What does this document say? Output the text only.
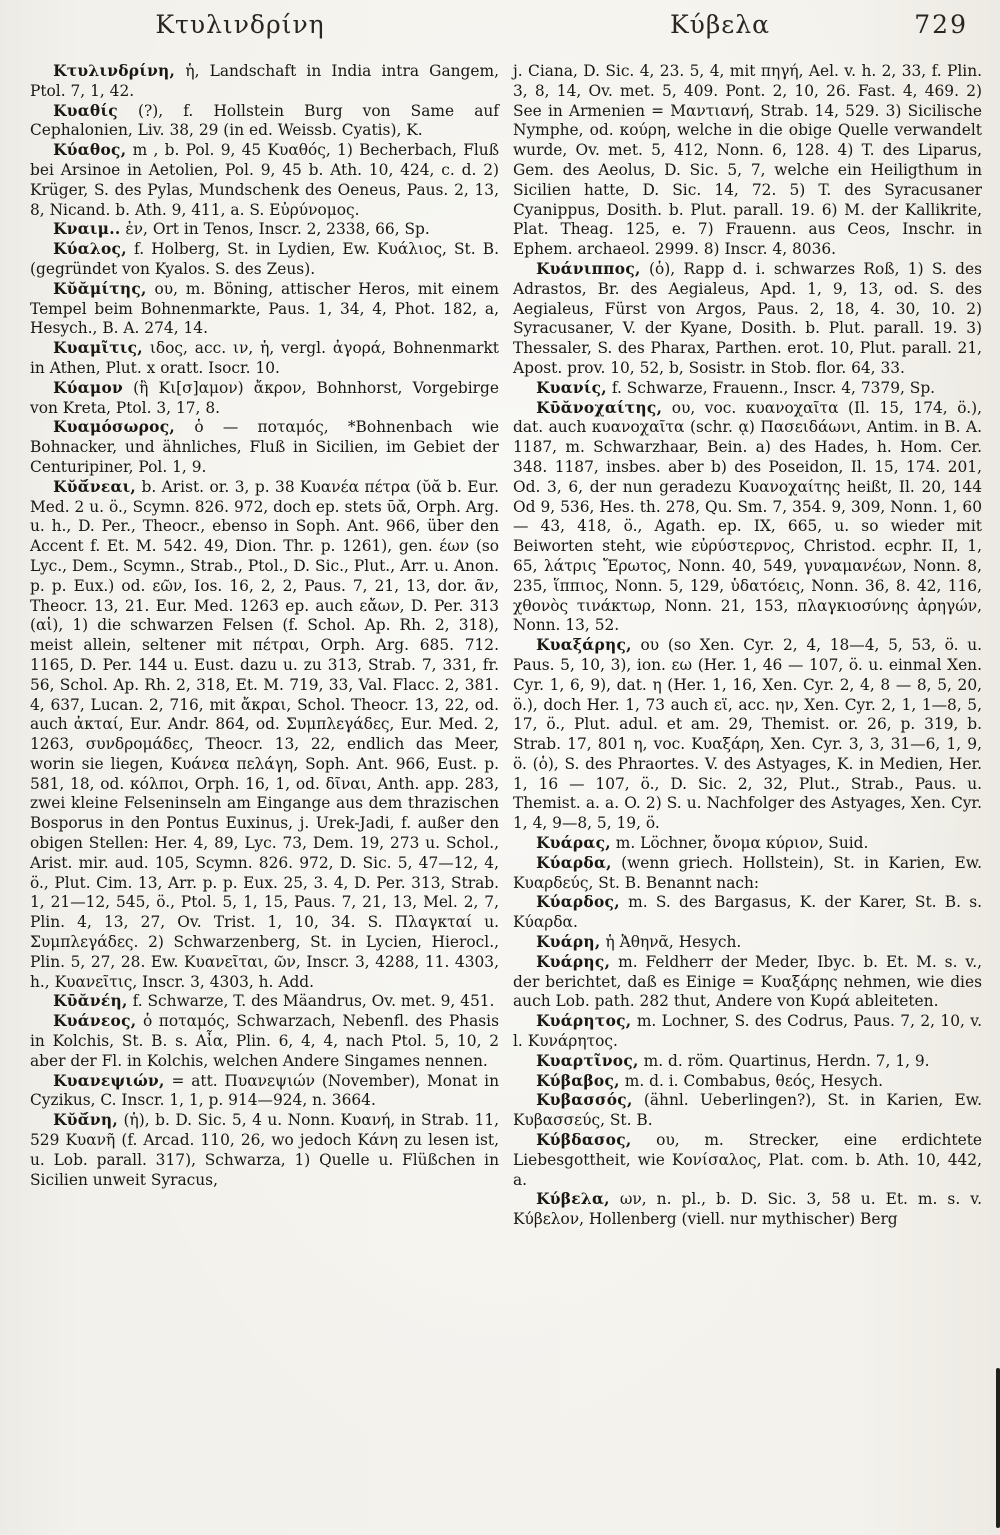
Κτυλινδρίνη	Κύβελα	729

Κτυλινδρίνη, ἡ, Landschaft in India intra Gangem, Ptol. 7, 1, 42.

Κυαθίς (?), f. Hollstein Burg von Same auf Cephalonien, Liv. 38, 29 (in ed. Weissb. Cyatis), K.

Κύαθος, m , b. Pol. 9, 45 Κυαθός, 1) Becherbach, Fluß bei Arsinoe in Aetolien, Pol. 9, 45 b. Ath. 10, 424, c. d. 2) Krüger, S. des Pylas, Mundschenk des Oeneus, Paus. 2, 13, 8, Nicand. b. Ath. 9, 411, a. S. Εὐρύνομος.

Κναιμ.. ἐν, Ort in Tenos, Inscr. 2, 2338, 66, Sp.

Κύαλος, f. Holberg, St. in Lydien, Ew. Κυάλιος, St. B. (gegründet von Kyalos. S. des Zeus).

Κῠᾰμίτης, ου, m. Böning, attischer Heros, mit einem Tempel beim Bohnenmarkte, Paus. 1, 34, 4, Phot. 182, a, Hesych., B. A. 274, 14.

Κυαμῖτις, ιδος, acc. ιν, ἡ, vergl. ἀγορά, Bohnenmarkt in Athen, Plut. x oratt. Isocr. 10.

Κύαμον (ἢ Κι[σ]αμον) ἄκρον, Bohnhorst, Vorgebirge von Kreta, Ptol. 3, 17, 8.

Κυαμόσωρος, ὁ — ποταμός, *Bohnenbach wie Bohnacker, und ähnliches, Fluß in Sicilien, im Gebiet der Centuripiner, Pol. 1, 9.

Κῠᾰ́νεαι, b. Arist. or. 3, p. 38 Κυανέα πέτρα (ῠᾰ b. Eur. Med. 2 u. ö., Scymn. 826. 972, doch ep. stets ῡᾰ, Orph. Arg. u. h., D. Per., Theocr., ebenso in Soph. Ant. 966, über den Accent f. Et. M. 542. 49, Dion. Thr. p. 1261), gen. έων (so Lyc., Dem., Scymn., Strab., Ptol., D. Sic., Plut., Arr. u. Anon. p. p. Eux.) od. εῶν, Ios. 16, 2, 2, Paus. 7, 21, 13, dor. ᾶν, Theocr. 13, 21. Eur. Med. 1263 ep. auch εἄων, D. Per. 313 (αἱ), 1) die schwarzen Felsen (f. Schol. Ap. Rh. 2, 318), meist allein, seltener mit πέτραι, Orph. Arg. 685. 712. 1165, D. Per. 144 u. Eust. dazu u. zu 313, Strab. 7, 331, fr. 56, Schol. Ap. Rh. 2, 318, Et. M. 719, 33, Val. Flacc. 2, 381. 4, 637, Lucan. 2, 716, mit ἄκραι, Schol. Theocr. 13, 22, od. auch ἀκταί, Eur. Andr. 864, od. Συμπλεγάδες, Eur. Med. 2, 1263, συνδρομάδες, Theocr. 13, 22, endlich das Meer, worin sie liegen, Κυάνεα πελάγη, Soph. Ant. 966, Eust. p. 581, 18, od. κόλποι, Orph. 16, 1, od. δῖναι, Anth. app. 283, zwei kleine Felseninseln am Eingange aus dem thrazischen Bosporus in den Pontus Euxinus, j. Urek-Jadi, f. außer den obigen Stellen: Her. 4, 89, Lyc. 73, Dem. 19, 273 u. Schol., Arist. mir. aud. 105, Scymn. 826. 972, D. Sic. 5, 47—12, 4, ö., Plut. Cim. 13, Arr. p. p. Eux. 25, 3. 4, D. Per. 313, Strab. 1, 21—12, 545, ö., Ptol. 5, 1, 15, Paus. 7, 21, 13, Mel. 2, 7, Plin. 4, 13, 27, Ov. Trist. 1, 10, 34. S. Πλαγκταί u. Συμπλεγάδες. 2) Schwarzenberg, St. in Lycien, Hierocl., Plin. 5, 27, 28. Ew. Κυανεῖται, ῶν, Inscr. 3, 4288, 11. 4303, h., Κυανεῖτις, Inscr. 3, 4303, h. Add.

Κῡᾰνέη, f. Schwarze, T. des Mäandrus, Ov. met. 9, 451.

Κυάνεος, ὁ ποταμός, Schwarzach, Nebenfl. des Phasis in Kolchis, St. B. s. Αἶα, Plin. 6, 4, 4, nach Ptol. 5, 10, 2 aber der Fl. in Kolchis, welchen Andere Singames nennen.

Κυανεψιών, = att. Πυανεψιών (November), Monat in Cyzikus, C. Inscr. 1, 1, p. 914—924, n. 3664.

Κῠᾰ́νη, (ἡ), b. D. Sic. 5, 4 u. Nonn. Κυανή, in Strab. 11, 529 Κυανῆ (f. Arcad. 110, 26, wo jedoch Κάνη zu lesen ist, u. Lob. parall. 317), Schwarza, 1) Quelle u. Flüßchen in Sicilien unweit Syracus,

j. Ciana, D. Sic. 4, 23. 5, 4, mit πηγή, Ael. v. h. 2, 33, f. Plin. 3, 8, 14, Ov. met. 5, 409. Pont. 2, 10, 26. Fast. 4, 469. 2) See in Armenien = Μαντιανή, Strab. 14, 529. 3) Sicilische Nymphe, od. κούρη, welche in die obige Quelle verwandelt wurde, Ov. met. 5, 412, Nonn. 6, 128. 4) T. des Liparus, Gem. des Aeolus, D. Sic. 5, 7, welche ein Heiligthum in Sicilien hatte, D. Sic. 14, 72. 5) T. des Syracusaner Cyanippus, Dosith. b. Plut. parall. 19. 6) M. der Kallikrite, Plat. Theag. 125, e. 7) Frauenn. aus Ceos, Inschr. in Ephem. archaeol. 2999. 8) Inscr. 4, 8036.

Κυάνιππος, (ὁ), Rapp d. i. schwarzes Roß, 1) S. des Adrastos, Br. des Aegialeus, Apd. 1, 9, 13, od. S. des Aegialeus, Fürst von Argos, Paus. 2, 18, 4. 30, 10. 2) Syracusaner, V. der Kyane, Dosith. b. Plut. parall. 19. 3) Thessaler, S. des Pharax, Parthen. erot. 10, Plut. parall. 21, Apost. prov. 10, 52, b, Sosistr. in Stob. flor. 64, 33.

Κυανίς, f. Schwarze, Frauenn., Inscr. 4, 7379, Sp.

Κῡᾰνοχαίτης, ου, voc. κυανοχαῖτα (Il. 15, 174, ö.), dat. auch κυανοχαῖτα (schr. ᾳ) Πασειδάωνι, Antim. in B. A. 1187, m. Schwarzhaar, Bein. a) des Hades, h. Hom. Cer. 348. 1187, insbes. aber b) des Poseidon, Il. 15, 174. 201, Od. 3, 6, der nun geradezu Κυανοχαίτης heißt, Il. 20, 144 Od 9, 536, Hes. th. 278, Qu. Sm. 7, 354. 9, 309, Nonn. 1, 60 — 43, 418, ö., Agath. ep. IX, 665, u. so wieder mit Beiworten steht, wie εὐρύστερνος, Christod. ecphr. II, 1, 65, λάτρις Ἔρωτος, Nonn. 40, 549, γυναμανέων, Nonn. 8, 235, ἵππιος, Nonn. 5, 129, ὑδατόεις, Nonn. 36, 8. 42, 116, χθονὸς τινάκτωρ, Nonn. 21, 153, πλαγκιοσύνης ἀρηγών, Nonn. 13, 52.

Κυαξάρης, ου (so Xen. Cyr. 2, 4, 18—4, 5, 53, ö. u. Paus. 5, 10, 3), ion. εω (Her. 1, 46 — 107, ö. u. einmal Xen. Cyr. 1, 6, 9), dat. η (Her. 1, 16, Xen. Cyr. 2, 4, 8 — 8, 5, 20, ö.), doch Her. 1, 73 auch εϊ, acc. ην, Xen. Cyr. 2, 1, 1—8, 5, 17, ö., Plut. adul. et am. 29, Themist. or. 26, p. 319, b. Strab. 17, 801 η, voc. Κυαξάρη, Xen. Cyr. 3, 3, 31—6, 1, 9, ö. (ὁ), S. des Phraortes. V. des Astyages, K. in Medien, Her. 1, 16 — 107, ö., D. Sic. 2, 32, Plut., Strab., Paus. u. Themist. a. a. O. 2) S. u. Nachfolger des Astyages, Xen. Cyr. 1, 4, 9—8, 5, 19, ö.

Κυάρας, m. Löchner, ὄνομα κύριον, Suid.

Κύαρδα, (wenn griech. Hollstein), St. in Karien, Ew. Κυαρδεύς, St. B. Benannt nach:

Κύαρδος, m. S. des Bargasus, K. der Karer, St. B. s. Κύαρδα.

Κυάρη, ἡ Ἀθηνᾶ, Hesych.

Κυάρης, m. Feldherr der Meder, Ibyc. b. Et. M. s. v., der berichtet, daß es Einige = Κυαξάρης nehmen, wie dies auch Lob. path. 282 thut, Andere von Κυρά ableiteten.

Κυάρητος, m. Lochner, S. des Codrus, Paus. 7, 2, 10, v. l. Κυνάρητος.

Κυαρτῖνος, m. d. röm. Quartinus, Herdn. 7, 1, 9.

Κύβαβος, m. d. i. Combabus, θεός, Hesych.

Κυβασσός, (ähnl. Ueberlingen?), St. in Karien, Ew. Κυβασσεύς, St. B.

Κύβδασος, ου, m. Strecker, eine erdichtete Liebesgottheit, wie Κονίσαλος, Plat. com. b. Ath. 10, 442, a.

Κύβελα, ων, n. pl., b. D. Sic. 3, 58 u. Et. m. s. v. Κύβελον, Hollenberg (viell. nur mythischer) Berg
